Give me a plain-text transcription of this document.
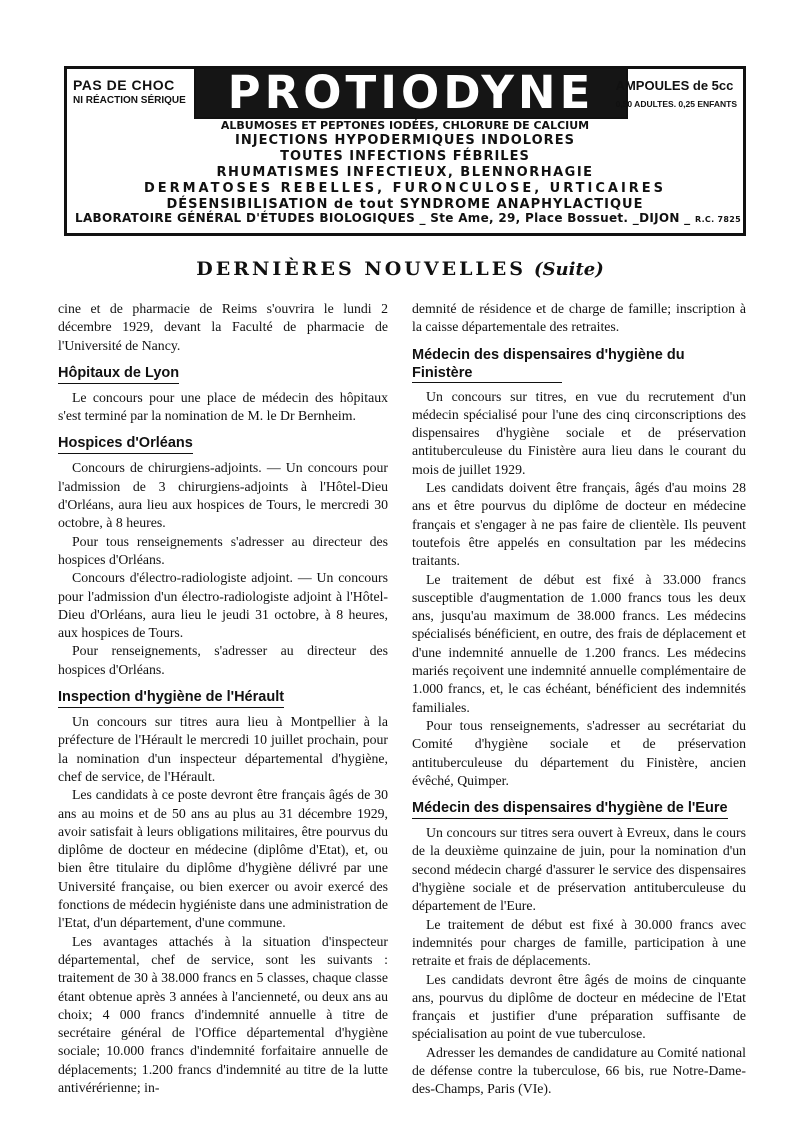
PAS DE CHOC
NI RÉACTION SÉRIQUE PROTIODYNE	AMPOULES de 5cc
0,50 ADULTES. 0,25 ENFANTS
ALBUMOSES ET PEPTONES IODÉES, CHLORURE DE CALCIUM
INJECTIONS HYPODERMIQUES INDOLORES
TOUTES INFECTIONS FÉBRILES
RHUMATISMES INFECTIEUX, BLENNORHAGIE
DERMATOSES REBELLES, FURONCULOSE, URTICAIRES
DÉSENSIBILISATION de tout SYNDROME ANAPHYLACTIQUE
LABORATOIRE GÉNÉRAL D'ÉTUDES BIOLOGIQUES _ Ste Ame, 29, Place Bossuet. _DIJON _ R.C. 7825
DERNIÈRES NOUVELLES (Suite)

cine et de pharmacie de Reims s'ouvrira le lundi 2 décembre 1929, devant la Faculté de pharmacie de l'Université de Nancy.

Hôpitaux de Lyon

Le concours pour une place de médecin des hôpitaux s'est terminé par la nomination de M. le Dr Bernheim.

Hospices d'Orléans

Concours de chirurgiens-adjoints. — Un concours pour l'admission de 3 chirurgiens-adjoints à l'Hôtel-Dieu d'Orléans, aura lieu aux hospices de Tours, le mercredi 30 octobre, à 8 heures.

Pour tous renseignements s'adresser au directeur des hospices d'Orléans.

Concours d'électro-radiologiste adjoint. — Un concours pour l'admission d'un électro-radiologiste adjoint à l'Hôtel-Dieu d'Orléans, aura lieu le jeudi 31 octobre, à 8 heures, aux hospices de Tours.

Pour renseignements, s'adresser au directeur des hospices d'Orléans.

Inspection d'hygiène de l'Hérault

Un concours sur titres aura lieu à Montpellier à la préfecture de l'Hérault le mercredi 10 juillet prochain, pour la nomination d'un inspecteur départemental d'hygiène, chef de service, de l'Hérault.

Les candidats à ce poste devront être français âgés de 30 ans au moins et de 50 ans au plus au 31 décembre 1929, avoir satisfait à leurs obligations militaires, être pourvus du diplôme de docteur en médecine (diplôme d'Etat), et, ou bien être titulaire du diplôme d'hygiène délivré par une Université française, ou bien exercer ou avoir exercé des fonctions de médecin hygiéniste dans une administration de l'Etat, d'un département, d'une commune.

Les avantages attachés à la situation d'inspecteur départemental, chef de service, sont les suivants : traitement de 30 à 38.000 francs en 5 classes, chaque classe étant obtenue après 3 années à l'ancienneté, ou deux ans au choix; 4 000 francs d'indemnité annuelle à titre de secrétaire général de l'Office départemental d'hygiène sociale; 10.000 francs d'indemnité forfaitaire annuelle de déplacements; 1.200 francs d'indemnité au titre de la lutte antivérérienne; in-

demnité de résidence et de charge de famille; inscription à la caisse départementale des retraites.

Médecin des dispensaires d'hygiène du Finistère

Un concours sur titres, en vue du recrutement d'un médecin spécialisé pour l'une des cinq circonscriptions des dispensaires d'hygiène sociale et de préservation antituberculeuse du Finistère aura lieu dans le courant du mois de juillet 1929.

Les candidats doivent être français, âgés d'au moins 28 ans et être pourvus du diplôme de docteur en médecine français et s'engager à ne pas faire de clientèle. Ils peuvent toutefois être appelés en consultation par les médecins traitants.

Le traitement de début est fixé à 33.000 francs susceptible d'augmentation de 1.000 francs tous les deux ans, jusqu'au maximum de 38.000 francs. Les médecins spécialisés bénéficient, en outre, des frais de déplacement et d'une indemnité annuelle de 1.200 francs. Les médecins mariés reçoivent une indemnité annuelle complémentaire de 1.000 francs, et, le cas échéant, bénéficient des indemnités familiales.

Pour tous renseignements, s'adresser au secrétariat du Comité d'hygiène sociale et de préservation antituberculeuse du département du Finistère, ancien évêché, Quimper.

Médecin des dispensaires d'hygiène de l'Eure

Un concours sur titres sera ouvert à Evreux, dans le cours de la deuxième quinzaine de juin, pour la nomination d'un second médecin chargé d'assurer le service des dispensaires d'hygiène sociale et de préservation antituberculeuse du département de l'Eure.

Le traitement de début est fixé à 30.000 francs avec indemnités pour charges de famille, participation à une retraite et frais de déplacements.

Les candidats devront être âgés de moins de cinquante ans, pourvus du diplôme de docteur en médecine de l'Etat français et justifier d'une préparation suffisante de spécialisation au point de vue tuberculose.

Adresser les demandes de candidature au Comité national de défense contre la tuberculose, 66 bis, rue Notre-Dame-des-Champs, Paris (VIe).
